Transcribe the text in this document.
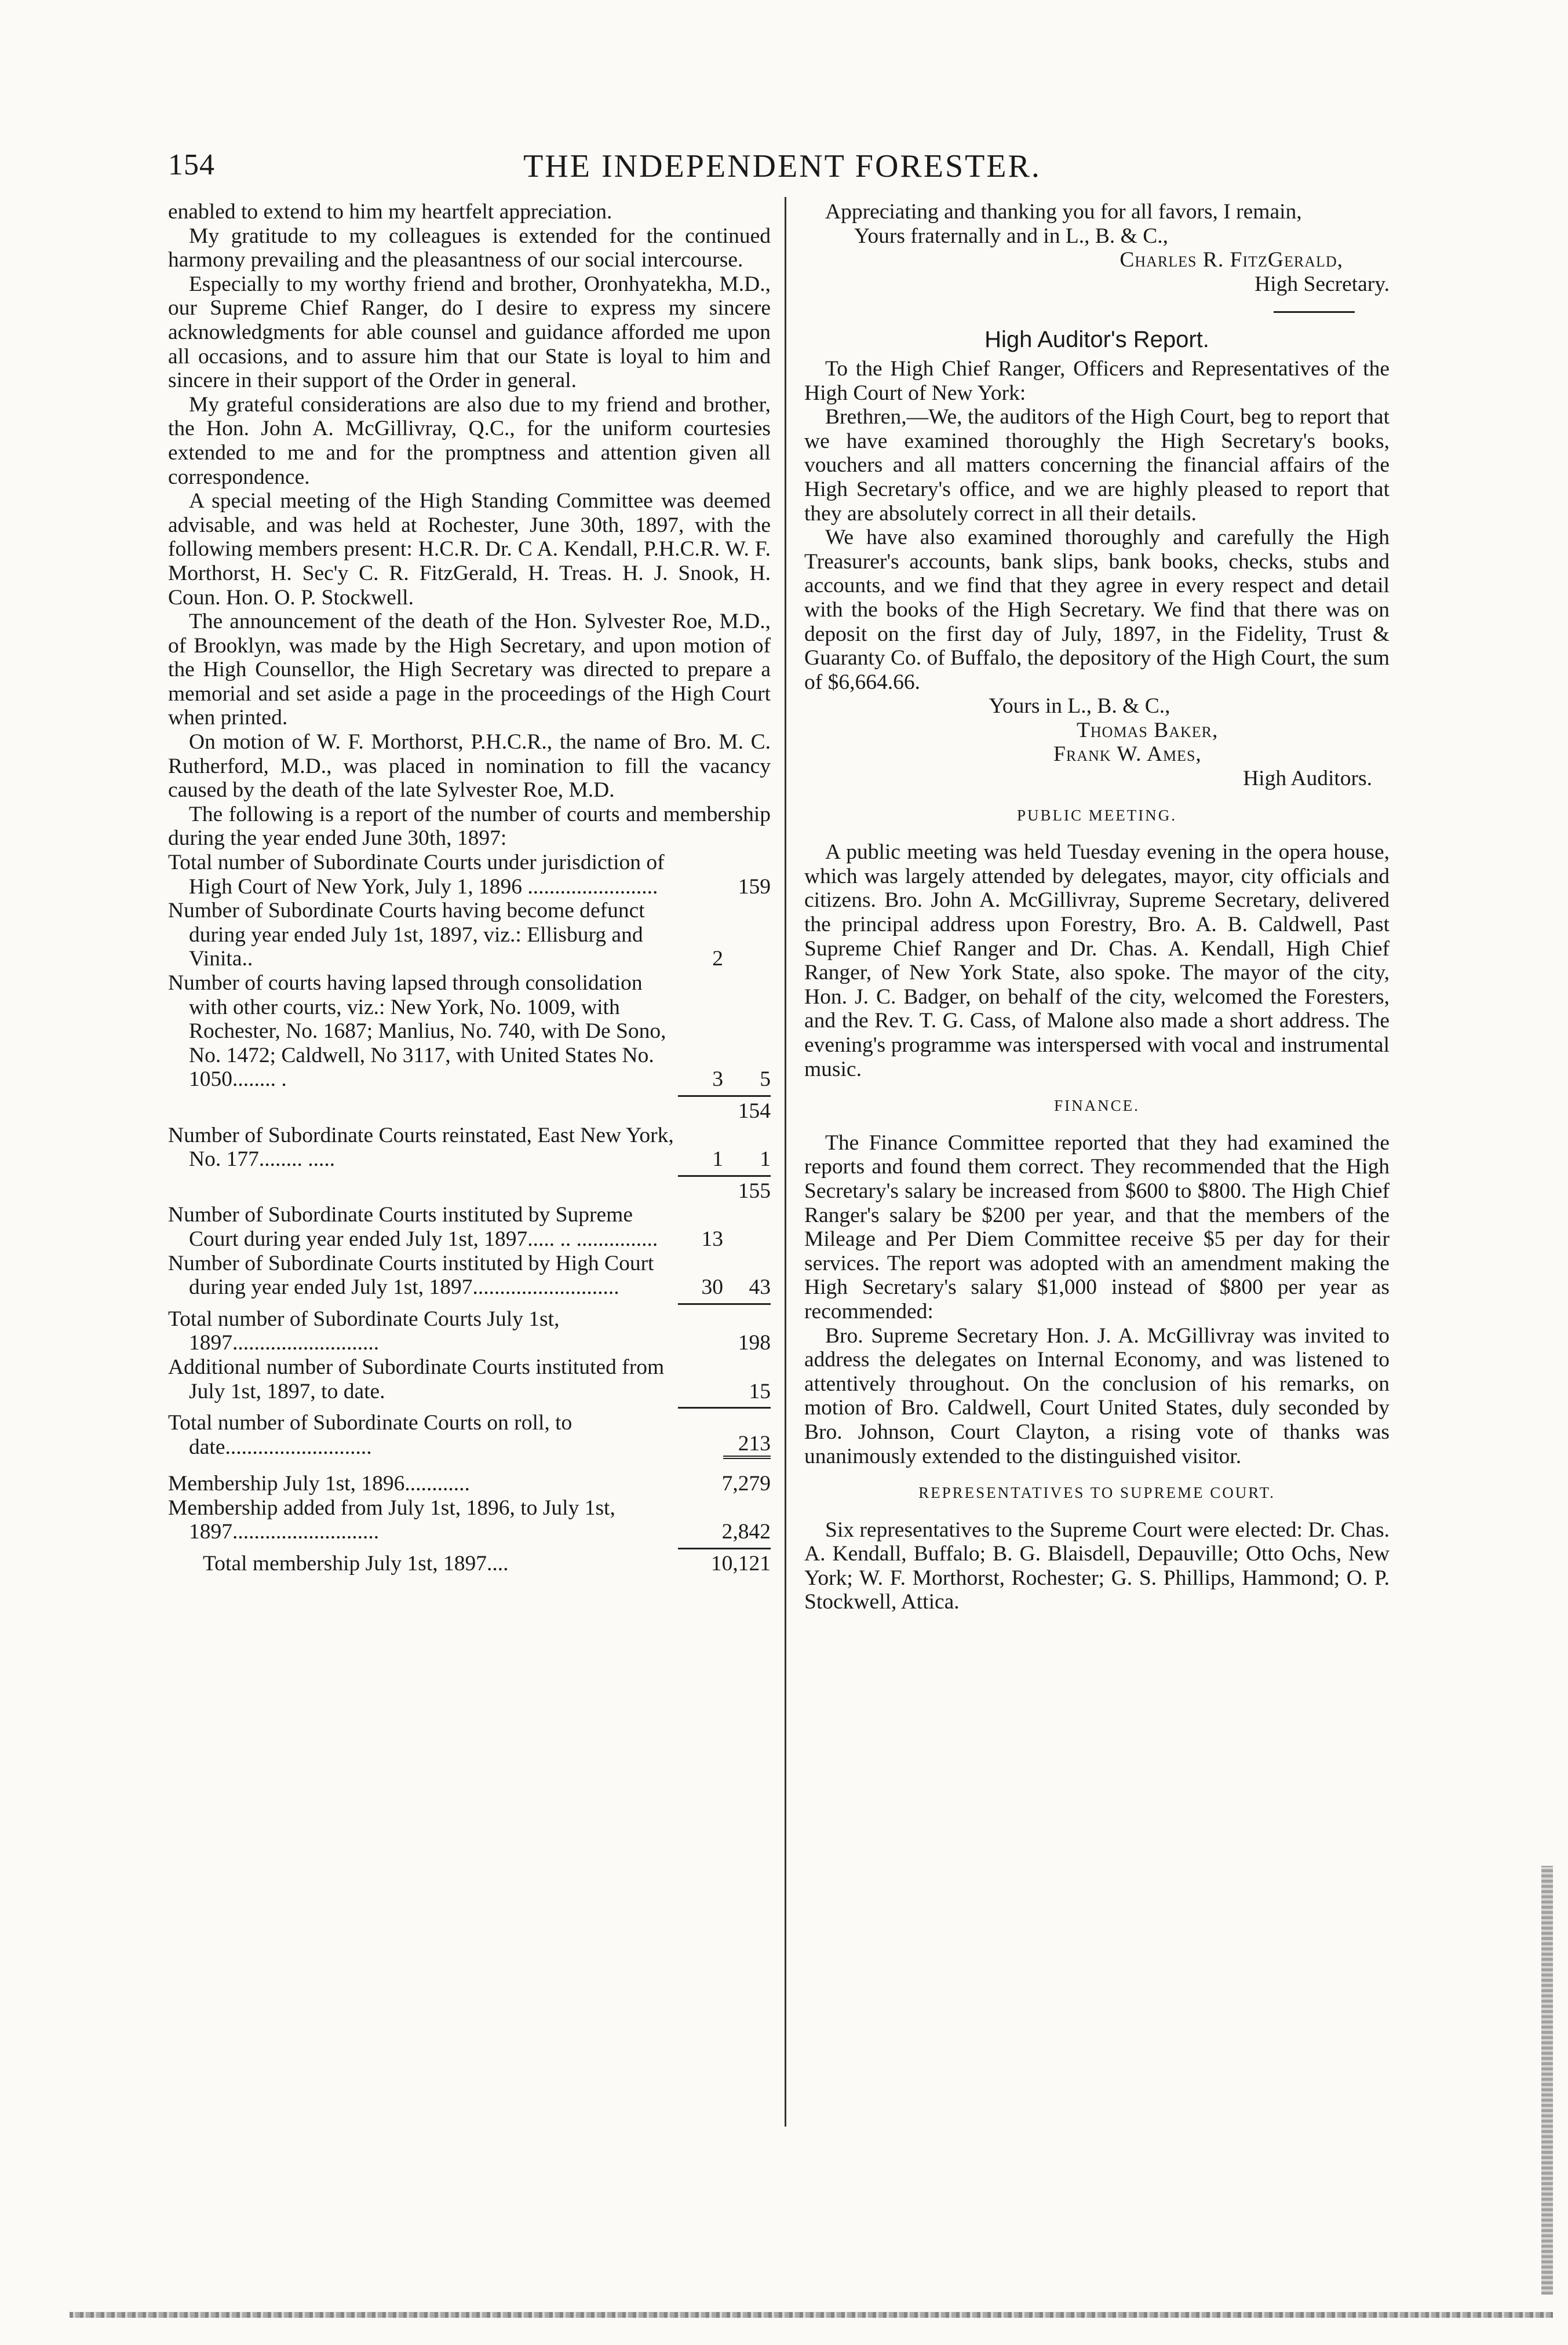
154	THE INDEPENDENT FORESTER.

enabled to extend to him my heartfelt appreciation.

My gratitude to my colleagues is extended for the continued harmony prevailing and the pleasantness of our social intercourse.

Especially to my worthy friend and brother, Oronhyatekha, M.D., our Supreme Chief Ranger, do I desire to express my sincere acknowledgments for able counsel and guidance afforded me upon all occasions, and to assure him that our State is loyal to him and sincere in their support of the Order in general.

My grateful considerations are also due to my friend and brother, the Hon. John A. McGillivray, Q.C., for the uniform courtesies extended to me and for the promptness and attention given all correspondence.

A special meeting of the High Standing Committee was deemed advisable, and was held at Rochester, June 30th, 1897, with the following members present: H.C.R. Dr. C A. Kendall, P.H.C.R. W. F. Morthorst, H. Sec'y C. R. FitzGerald, H. Treas. H. J. Snook, H. Coun. Hon. O. P. Stockwell.

The announcement of the death of the Hon. Sylvester Roe, M.D., of Brooklyn, was made by the High Secretary, and upon motion of the High Counsellor, the High Secretary was directed to prepare a memorial and set aside a page in the proceedings of the High Court when printed.

On motion of W. F. Morthorst, P.H.C.R., the name of Bro. M. C. Rutherford, M.D., was placed in nomination to fill the vacancy caused by the death of the late Sylvester Roe, M.D.

The following is a report of the number of courts and membership during the year ended June 30th, 1897:

Total number of Subordinate Courts under jurisdiction of High Court of New York, July 1, 1896 ........................	159
Number of Subordinate Courts having become defunct during year ended July 1st, 1897, viz.: Ellisburg and Vinita..	2
Number of courts having lapsed through consolidation with other courts, viz.: New York, No. 1009, with Rochester, No. 1687; Manlius, No. 740, with De Sono, No. 1472; Caldwell, No 3117, with United States No. 1050........ .	3	5
154
Number of Subordinate Courts reinstated, East New York, No. 177........ .....	1	1
155
Number of Subordinate Courts instituted by Supreme Court during year ended July 1st, 1897..... .. ...............	13
Number of Subordinate Courts instituted by High Court during year ended July 1st, 1897...........................	30	43
Total number of Subordinate Courts July 1st, 1897...........................	198
Additional number of Subordinate Courts instituted from July 1st, 1897, to date.	15
Total number of Subordinate Courts on roll, to date...........................	213
Membership July 1st, 1896............	7,279
Membership added from July 1st, 1896, to July 1st, 1897...........................	2,842
Total membership July 1st, 1897....	10,121

Appreciating and thanking you for all favors, I remain,

Yours fraternally and in L., B. & C.,

Charles R. FitzGerald,

High Secretary.

High Auditor's Report.

To the High Chief Ranger, Officers and Representatives of the High Court of New York:

Brethren,—We, the auditors of the High Court, beg to report that we have examined thoroughly the High Secretary's books, vouchers and all matters concerning the financial affairs of the High Secretary's office, and we are highly pleased to report that they are absolutely correct in all their details.

We have also examined thoroughly and carefully the High Treasurer's accounts, bank slips, bank books, checks, stubs and accounts, and we find that they agree in every respect and detail with the books of the High Secretary. We find that there was on deposit on the first day of July, 1897, in the Fidelity, Trust & Guaranty Co. of Buffalo, the depository of the High Court, the sum of $6,664.66.

Yours in L., B. & C.,

Thomas Baker,

Frank W. Ames,

High Auditors.

PUBLIC MEETING.

A public meeting was held Tuesday evening in the opera house, which was largely attended by delegates, mayor, city officials and citizens. Bro. John A. McGillivray, Supreme Secretary, delivered the principal address upon Forestry, Bro. A. B. Caldwell, Past Supreme Chief Ranger and Dr. Chas. A. Kendall, High Chief Ranger, of New York State, also spoke. The mayor of the city, Hon. J. C. Badger, on behalf of the city, welcomed the Foresters, and the Rev. T. G. Cass, of Malone also made a short address. The evening's programme was interspersed with vocal and instrumental music.

FINANCE.

The Finance Committee reported that they had examined the reports and found them correct. They recommended that the High Secretary's salary be increased from $600 to $800. The High Chief Ranger's salary be $200 per year, and that the members of the Mileage and Per Diem Committee receive $5 per day for their services. The report was adopted with an amendment making the High Secretary's salary $1,000 instead of $800 per year as recommended:

Bro. Supreme Secretary Hon. J. A. McGillivray was invited to address the delegates on Internal Economy, and was listened to attentively throughout. On the conclusion of his remarks, on motion of Bro. Caldwell, Court United States, duly seconded by Bro. Johnson, Court Clayton, a rising vote of thanks was unanimously extended to the distinguished visitor.

REPRESENTATIVES TO SUPREME COURT.

Six representatives to the Supreme Court were elected: Dr. Chas. A. Kendall, Buffalo; B. G. Blaisdell, Depauville; Otto Ochs, New York; W. F. Morthorst, Rochester; G. S. Phillips, Hammond; O. P. Stockwell, Attica.
